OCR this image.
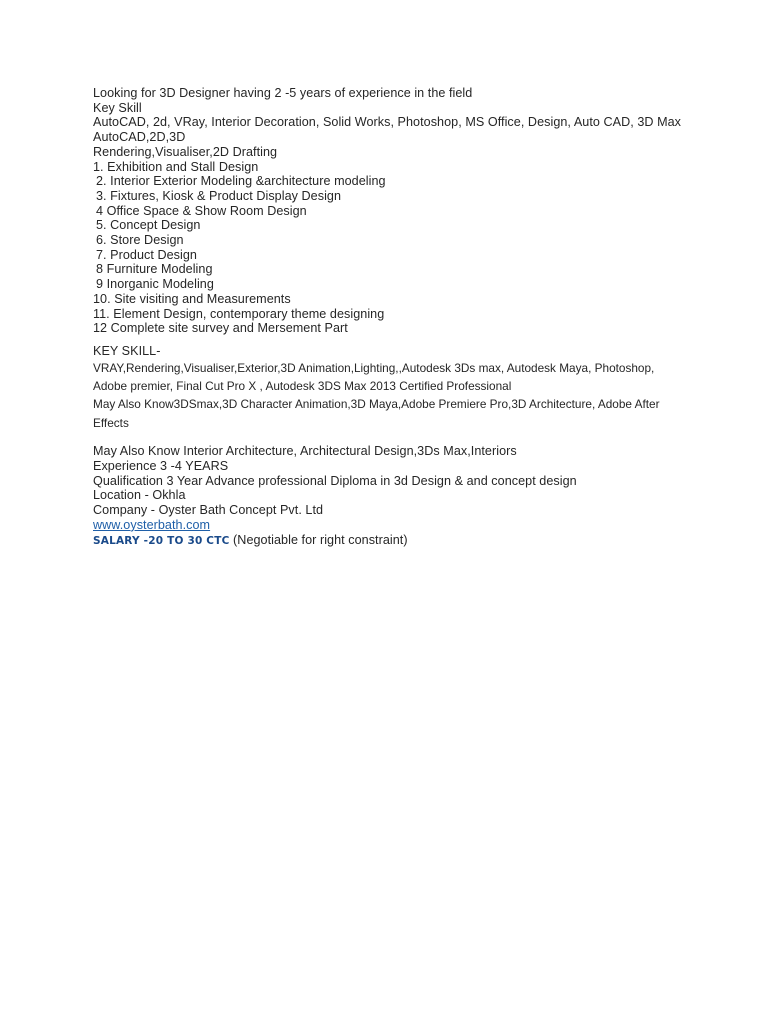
Looking for 3D Designer having 2 -5 years of experience in the field
Key Skill
AutoCAD, 2d, VRay, Interior Decoration, Solid Works, Photoshop, MS Office, Design, Auto CAD, 3D Max
AutoCAD,2D,3D
Rendering,Visualiser,2D Drafting
1. Exhibition and Stall Design
2. Interior Exterior Modeling &architecture modeling
3. Fixtures, Kiosk & Product Display Design
4 Office Space & Show Room Design
5. Concept Design
6. Store Design
7. Product Design
8 Furniture Modeling
9 Inorganic Modeling
10. Site visiting and Measurements
11. Element Design, contemporary theme designing
12 Complete site survey and Mersement Part
KEY SKILL-
VRAY,Rendering,Visualiser,Exterior,3D Animation,Lighting,,Autodesk 3Ds max, Autodesk Maya, Photoshop, Adobe premier, Final Cut Pro X , Autodesk 3DS Max 2013 Certified Professional
May Also Know3DSmax,3D Character Animation,3D Maya,Adobe Premiere Pro,3D Architecture, Adobe After Effects
May Also Know Interior Architecture, Architectural Design,3Ds Max,Interiors
Experience 3 -4 YEARS
Qualification 3 Year Advance professional Diploma in 3d Design & and concept design
Location - Okhla
Company - Oyster Bath Concept Pvt. Ltd
www.oysterbath.com
SALARY -20 TO 30 CTC (Negotiable for right constraint)
